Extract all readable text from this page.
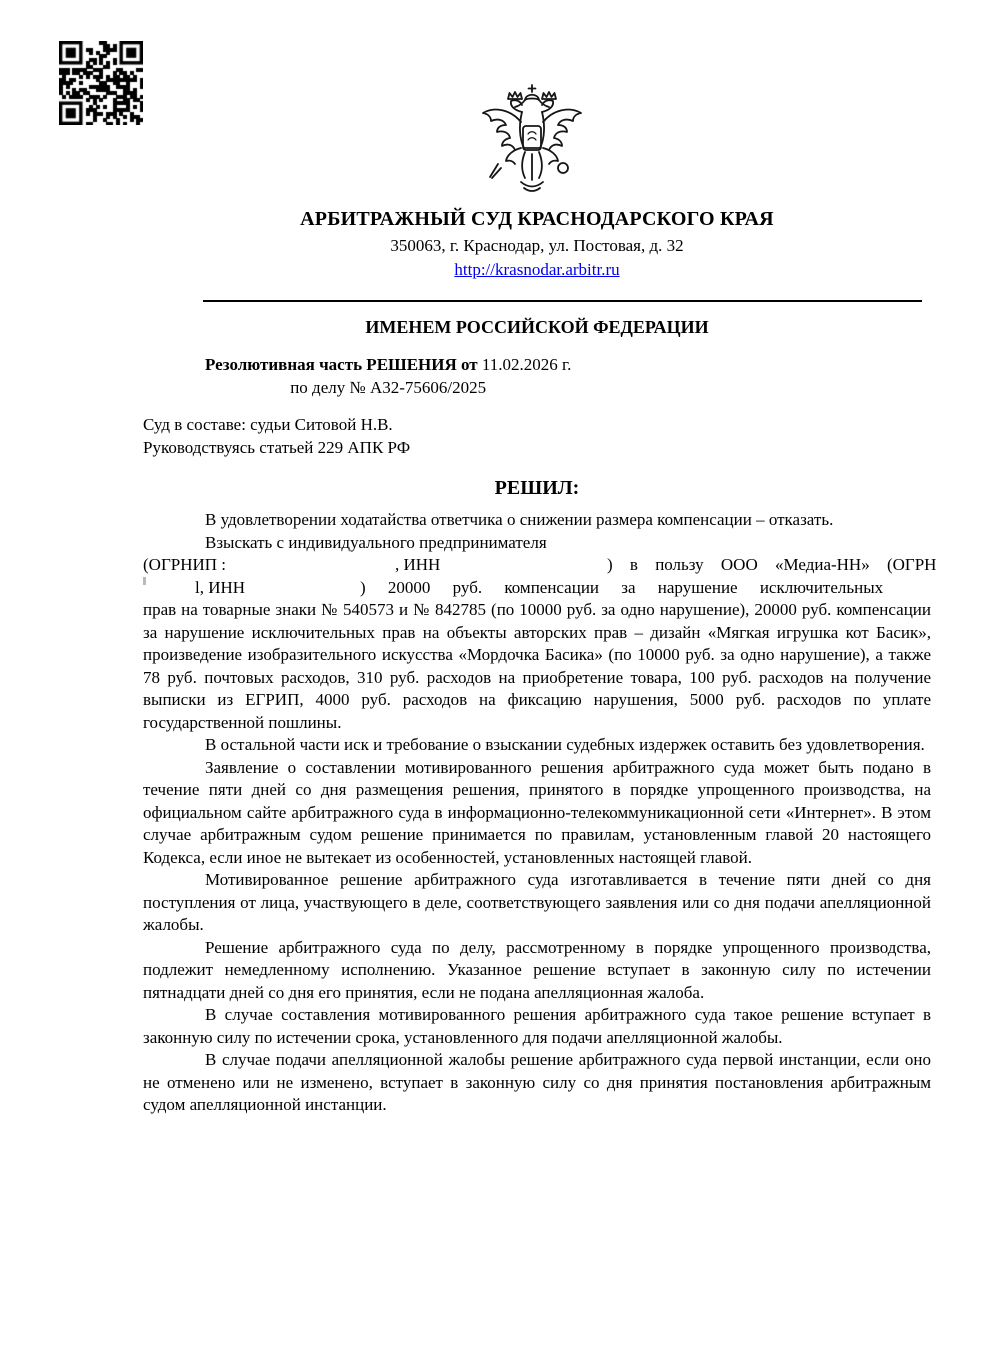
АРБИТРАЖНЫЙ СУД КРАСНОДАРСКОГО КРАЯ
350063, г. Краснодар, ул. Постовая, д. 32
http://krasnodar.arbitr.ru
ИМЕНЕМ РОССИЙСКОЙ ФЕДЕРАЦИИ
Резолютивная часть РЕШЕНИЯ от 11.02.2026 г.
по делу № А32-75606/2025
Суд в составе: судьи Ситовой Н.В.
Руководствуясь статьей 229 АПК РФ
РЕШИЛ:

В удовлетворении ходатайства ответчика о снижении размера компенсации – отказать.

Взыскать с индивидуального предпринимателя

(ОГРНИП :	, ИНН	) в пользу ООО «Медиа-НН» (ОГРН
l, ИНН	) 20000 руб. компенсации за нарушение исключительных

прав на товарные знаки № 540573 и № 842785 (по 10000 руб. за одно нарушение), 20000 руб. компенсации за нарушение исключительных прав на объекты авторских прав – дизайн «Мягкая игрушка кот Басик», произведение изобразительного искусства «Мордочка Басика» (по 10000 руб. за одно нарушение), а также 78 руб. почтовых расходов, 310 руб. расходов на приобретение товара, 100 руб. расходов на получение выписки из ЕГРИП, 4000 руб. расходов на фиксацию нарушения, 5000 руб. расходов по уплате государственной пошлины.

В остальной части иск и требование о взыскании судебных издержек оставить без удовлетворения.

Заявление о составлении мотивированного решения арбитражного суда может быть подано в течение пяти дней со дня размещения решения, принятого в порядке упрощенного производства, на официальном сайте арбитражного суда в информационно-телекоммуникационной сети «Интернет». В этом случае арбитражным судом решение принимается по правилам, установленным главой 20 настоящего Кодекса, если иное не вытекает из особенностей, установленных настоящей главой.

Мотивированное решение арбитражного суда изготавливается в течение пяти дней со дня поступления от лица, участвующего в деле, соответствующего заявления или со дня подачи апелляционной жалобы.

Решение арбитражного суда по делу, рассмотренному в порядке упрощенного производства, подлежит немедленному исполнению. Указанное решение вступает в законную силу по истечении пятнадцати дней со дня его принятия, если не подана апелляционная жалоба.

В случае составления мотивированного решения арбитражного суда такое решение вступает в законную силу по истечении срока, установленного для подачи апелляционной жалобы.

В случае подачи апелляционной жалобы решение арбитражного суда первой инстанции, если оно не отменено или не изменено, вступает в законную силу со дня принятия постановления арбитражным судом апелляционной инстанции.
